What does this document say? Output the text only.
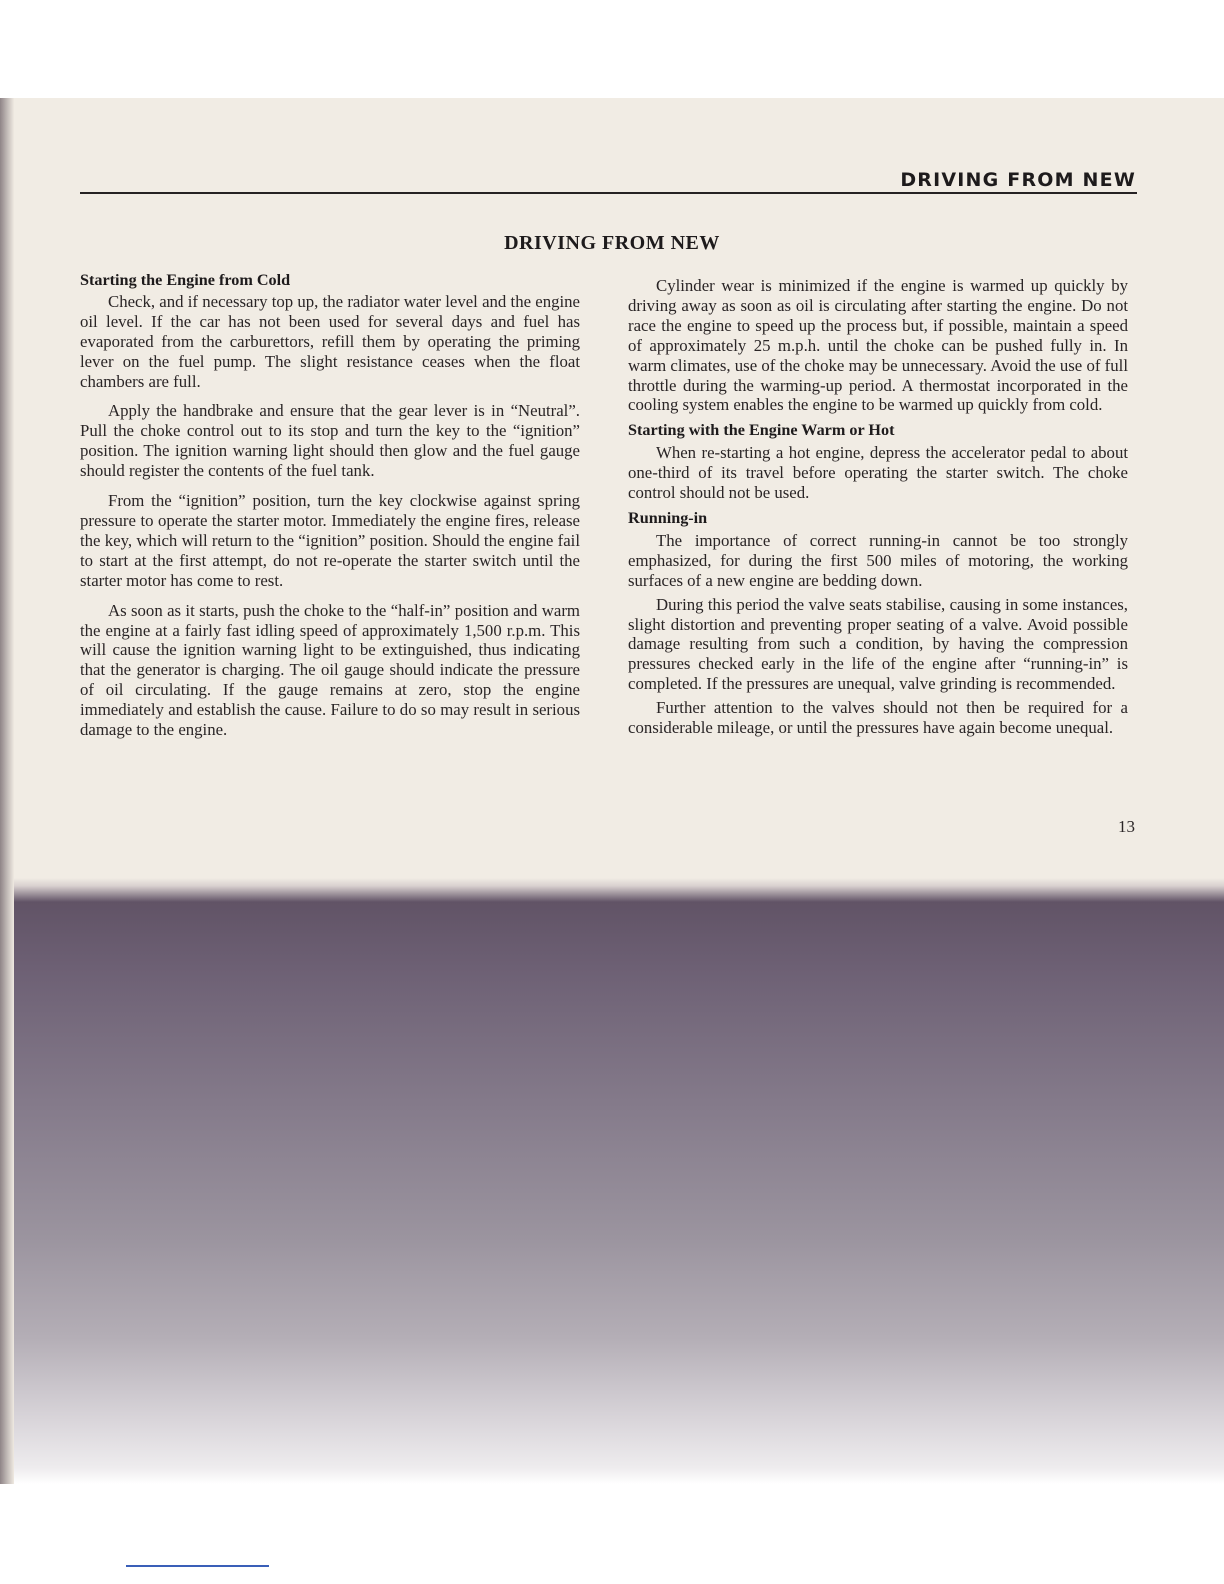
DRIVING FROM NEW
DRIVING FROM NEW
Starting the Engine from Cold

Check, and if necessary top up, the radiator water level and the engine oil level. If the car has not been used for several days and fuel has evaporated from the carburettors, refill them by operating the priming lever on the fuel pump. The slight resistance ceases when the float chambers are full.

Apply the handbrake and ensure that the gear lever is in “Neutral”. Pull the choke control out to its stop and turn the key to the “ignition” position. The ignition warning light should then glow and the fuel gauge should register the contents of the fuel tank.

From the “ignition” position, turn the key clockwise against spring pressure to operate the starter motor. Immediately the engine fires, release the key, which will return to the “ignition” position. Should the engine fail to start at the first attempt, do not re-operate the starter switch until the starter motor has come to rest.

As soon as it starts, push the choke to the “half-in” position and warm the engine at a fairly fast idling speed of approximately 1,500 r.p.m. This will cause the ignition warning light to be extinguished, thus indicating that the generator is charging. The oil gauge should indicate the pressure of oil circulating. If the gauge remains at zero, stop the engine immediately and establish the cause. Failure to do so may result in serious damage to the engine.

Cylinder wear is minimized if the engine is warmed up quickly by driving away as soon as oil is circulating after starting the engine. Do not race the engine to speed up the process but, if possible, maintain a speed of approximately 25 m.p.h. until the choke can be pushed fully in. In warm climates, use of the choke may be unnecessary. Avoid the use of full throttle during the warming-up period. A thermostat incorporated in the cooling system enables the engine to be warmed up quickly from cold.

Starting with the Engine Warm or Hot

When re-starting a hot engine, depress the accelerator pedal to about one-third of its travel before operating the starter switch. The choke control should not be used.

Running-in

The importance of correct running-in cannot be too strongly emphasized, for during the first 500 miles of motoring, the working surfaces of a new engine are bedding down.

During this period the valve seats stabilise, causing in some instances, slight distortion and preventing proper seating of a valve. Avoid possible damage resulting from such a condition, by having the compression pressures checked early in the life of the engine after “running-in” is completed. If the pressures are unequal, valve grinding is recommended.

Further attention to the valves should not then be required for a considerable mileage, or until the pressures have again become unequal.

13
